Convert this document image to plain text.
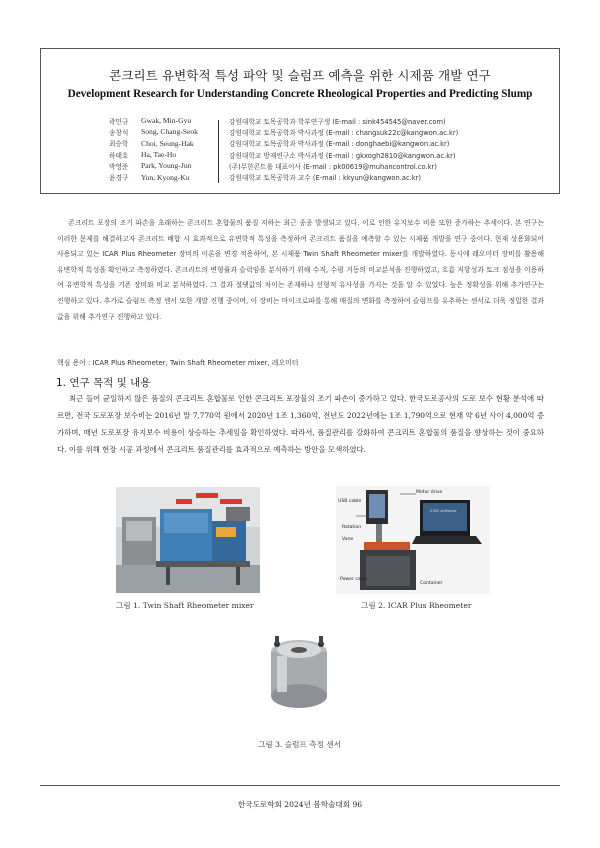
콘크리트 유변학적 특성 파악 및 슬럼프 예측을 위한 시제품 개발 연구
Development Research for Understanding Concrete Rheological Properties and Predicting Slump
곽민규	Gwak, Min-Gyu	강원대학교 토목공학과 학부연구생 (E-mail : sink454545@naver.com)
송창석	Song, Chang-Seok	강원대학교 토목공학과 박사과정 (E-mail : changsuk22c@kangwon.ac.kr)
최승학	Choi, Seung-Hak	강원대학교 토목공학과 박사과정 (E-mail : donghaebi@kangwon.ac.kr)
하태호	Ha, Tae-Ho	강원대학교 방재연구소 박사과정 (E-mail : gkxogh2810@kangwon.ac.kr)
박영준	Park, Young-Jun	(주)무한콘트롤 대표이사 (E-mail : pk00619@muhancontrol.co.kr)
윤경구	Yun, Kyong-Ku	강원대학교 토목공학과 교수 (E-mail : kkyun@kangwon.ac.kr)

콘크리트 포장의 조기 파손을 초래하는 콘크리트 혼합물의 품질 저하는 최근 종종 발생되고 있다. 이로 인한 유지보수 비용 또한 증가하는 추세이다. 본 연구는 이러한 문제를 해결하고자 콘크리트 배합 시 효과적으로 유변학적 특성을 측정하여 콘크리트 품질을 예측할 수 있는 시제품 개발을 연구 중이다. 현재 상용화되어 사용되고 있는 ICAR Plus Rheometer 장비의 이론을 변경 적용하여, 본 시제품 Twin Shaft Rheometer mixer를 개발하였다. 동시에 레오미터 장비를 활용해 유변학적 특성을 확인하고 측정하였다. 콘크리트의 변형률과 슬럭임을 분석하기 위해 수직, 수평 거동의 비교분석을 진행하였고, 흐름 저항성과 토크 점성을 이용하여 유변학적 특성을 기존 장비와 비교 분석하였다. 그 결과 절댓값의 차이는 존재하나 선형적 유사성을 가지는 것을 알 수 있었다. 높은 정확성을 위해 추가연구는 진행하고 있다. 추가로 슬럼프 측정 센서 또한 개발 진행 중이며, 이 장비는 마이크로파를 통해 매질의 변화를 측정하여 슬럼프를 유추하는 센서로 더욱 정밀한 결과값을 위해 추가연구 진행하고 있다.

핵심 용어 : ICAR Plus Rheometer, Twin Shaft Rheometer mixer, 레오미터
1. 연구 목적 및 내용

최근 들어 균일하지 않은 품질의 콘크리트 혼합물로 인한 콘크리트 포장물의 조기 파손이 증가하고 있다. 한국도로공사의 도로 보수 현황 분석에 따르면, 전국 도로포장 보수비는 2016년 말 7,770억 원에서 2020년 1조 1,360억, 전년도 2022년에는 1조 1,790억으로 현재 약 6년 사이 4,000억 증가하며, 매년 도로포장 유지보수 비용이 상승하는 추세임을 확인하였다. 따라서, 품질관리를 강화하여 콘크리트 혼합물의 품질을 향상하는 것이 중요하다. 이를 위해 현장 시공 과정에서 콘크리트 품질관리를 효과적으로 예측하는 방안을 모색하였다.

그림 1. Twin Shaft Rheometer mixer
USB cable
Motor drive
ICAR software
Rotation
Vane
Power cable
Container
그림 2. ICAR Plus Rheometer
그림 3. 슬럼프 측정 센서
한국도로학회 2024년 봄학술대회 96
